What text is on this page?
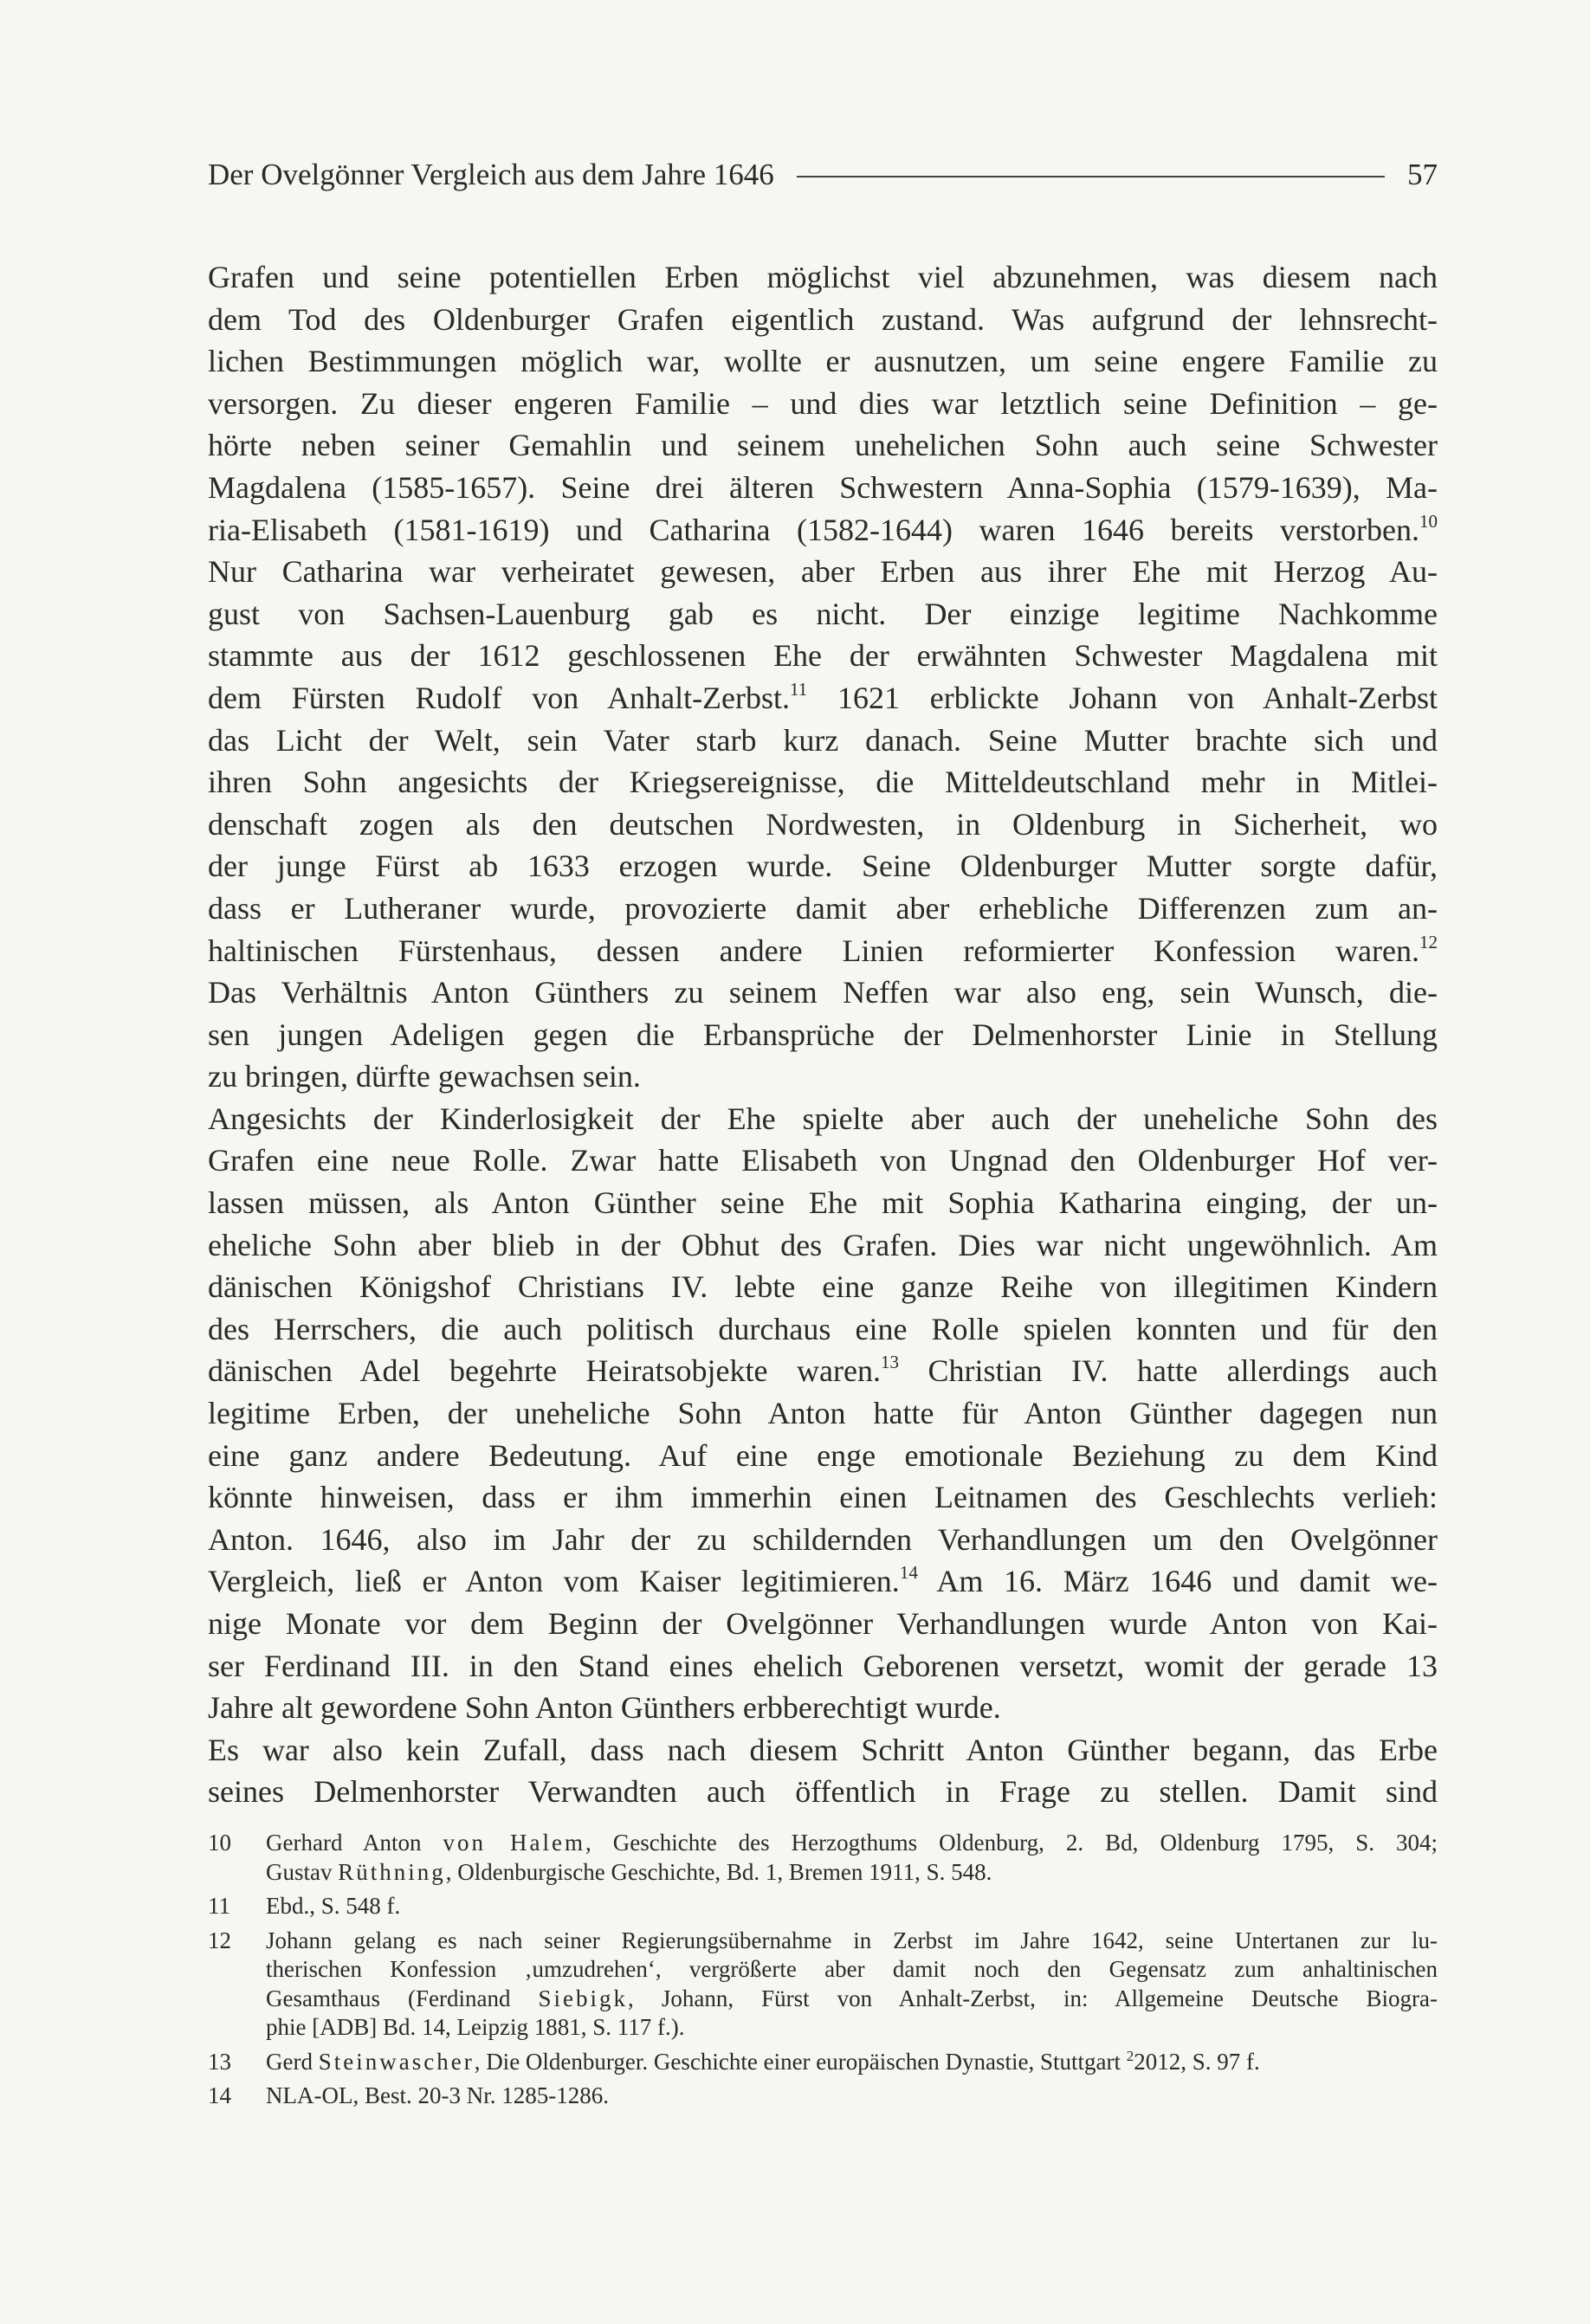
Der Ovelgönner Vergleich aus dem Jahre 1646	57
Grafen und seine potentiellen Erben möglichst viel abzunehmen, was diesem nach
dem Tod des Oldenburger Grafen eigentlich zustand. Was aufgrund der lehnsrecht-
lichen Bestimmungen möglich war, wollte er ausnutzen, um seine engere Familie zu
versorgen. Zu dieser engeren Familie – und dies war letztlich seine Definition – ge-
hörte neben seiner Gemahlin und seinem unehelichen Sohn auch seine Schwester
Magdalena (1585-1657). Seine drei älteren Schwestern Anna-Sophia (1579-1639), Ma-
ria-Elisabeth (1581-1619) und Catharina (1582-1644) waren 1646 bereits verstorben.$^{10}$
Nur Catharina war verheiratet gewesen, aber Erben aus ihrer Ehe mit Herzog Au-
gust von Sachsen-Lauenburg gab es nicht. Der einzige legitime Nachkomme
stammte aus der 1612 geschlossenen Ehe der erwähnten Schwester Magdalena mit
dem Fürsten Rudolf von Anhalt-Zerbst.$^{11}$ 1621 erblickte Johann von Anhalt-Zerbst
das Licht der Welt, sein Vater starb kurz danach. Seine Mutter brachte sich und
ihren Sohn angesichts der Kriegsereignisse, die Mitteldeutschland mehr in Mitlei-
denschaft zogen als den deutschen Nordwesten, in Oldenburg in Sicherheit, wo
der junge Fürst ab 1633 erzogen wurde. Seine Oldenburger Mutter sorgte dafür,
dass er Lutheraner wurde, provozierte damit aber erhebliche Differenzen zum an-
haltinischen Fürstenhaus, dessen andere Linien reformierter Konfession waren.$^{12}$
Das Verhältnis Anton Günthers zu seinem Neffen war also eng, sein Wunsch, die-
sen jungen Adeligen gegen die Erbansprüche der Delmenhorster Linie in Stellung
zu bringen, dürfte gewachsen sein.
Angesichts der Kinderlosigkeit der Ehe spielte aber auch der uneheliche Sohn des
Grafen eine neue Rolle. Zwar hatte Elisabeth von Ungnad den Oldenburger Hof ver-
lassen müssen, als Anton Günther seine Ehe mit Sophia Katharina einging, der un-
eheliche Sohn aber blieb in der Obhut des Grafen. Dies war nicht ungewöhnlich. Am
dänischen Königshof Christians IV. lebte eine ganze Reihe von illegitimen Kindern
des Herrschers, die auch politisch durchaus eine Rolle spielen konnten und für den
dänischen Adel begehrte Heiratsobjekte waren.$^{13}$ Christian IV. hatte allerdings auch
legitime Erben, der uneheliche Sohn Anton hatte für Anton Günther dagegen nun
eine ganz andere Bedeutung. Auf eine enge emotionale Beziehung zu dem Kind
könnte hinweisen, dass er ihm immerhin einen Leitnamen des Geschlechts verlieh:
Anton. 1646, also im Jahr der zu schildernden Verhandlungen um den Ovelgönner
Vergleich, ließ er Anton vom Kaiser legitimieren.$^{14}$ Am 16. März 1646 und damit we-
nige Monate vor dem Beginn der Ovelgönner Verhandlungen wurde Anton von Kai-
ser Ferdinand III. in den Stand eines ehelich Geborenen versetzt, womit der gerade 13
Jahre alt gewordene Sohn Anton Günthers erbberechtigt wurde.
Es war also kein Zufall, dass nach diesem Schritt Anton Günther begann, das Erbe
seines Delmenhorster Verwandten auch öffentlich in Frage zu stellen. Damit sind
10	Gerhard Anton von Halem, Geschichte des Herzogthums Oldenburg, 2. Bd, Oldenburg 1795, S. 304;
Gustav Rüthning, Oldenburgische Geschichte, Bd. 1, Bremen 1911, S. 548.
11	Ebd., S. 548 f.
12	Johann gelang es nach seiner Regierungsübernahme in Zerbst im Jahre 1642, seine Untertanen zur lu-
therischen Konfession ‚umzudrehen‘, vergrößerte aber damit noch den Gegensatz zum anhaltinischen
Gesamthaus (Ferdinand Siebigk, Johann, Fürst von Anhalt-Zerbst, in: Allgemeine Deutsche Biogra-
phie [ADB] Bd. 14, Leipzig 1881, S. 117 f.).
13	Gerd Steinwascher, Die Oldenburger. Geschichte einer europäischen Dynastie, Stuttgart $^2$2012, S. 97 f.
14	NLA-OL, Best. 20-3 Nr. 1285-1286.
